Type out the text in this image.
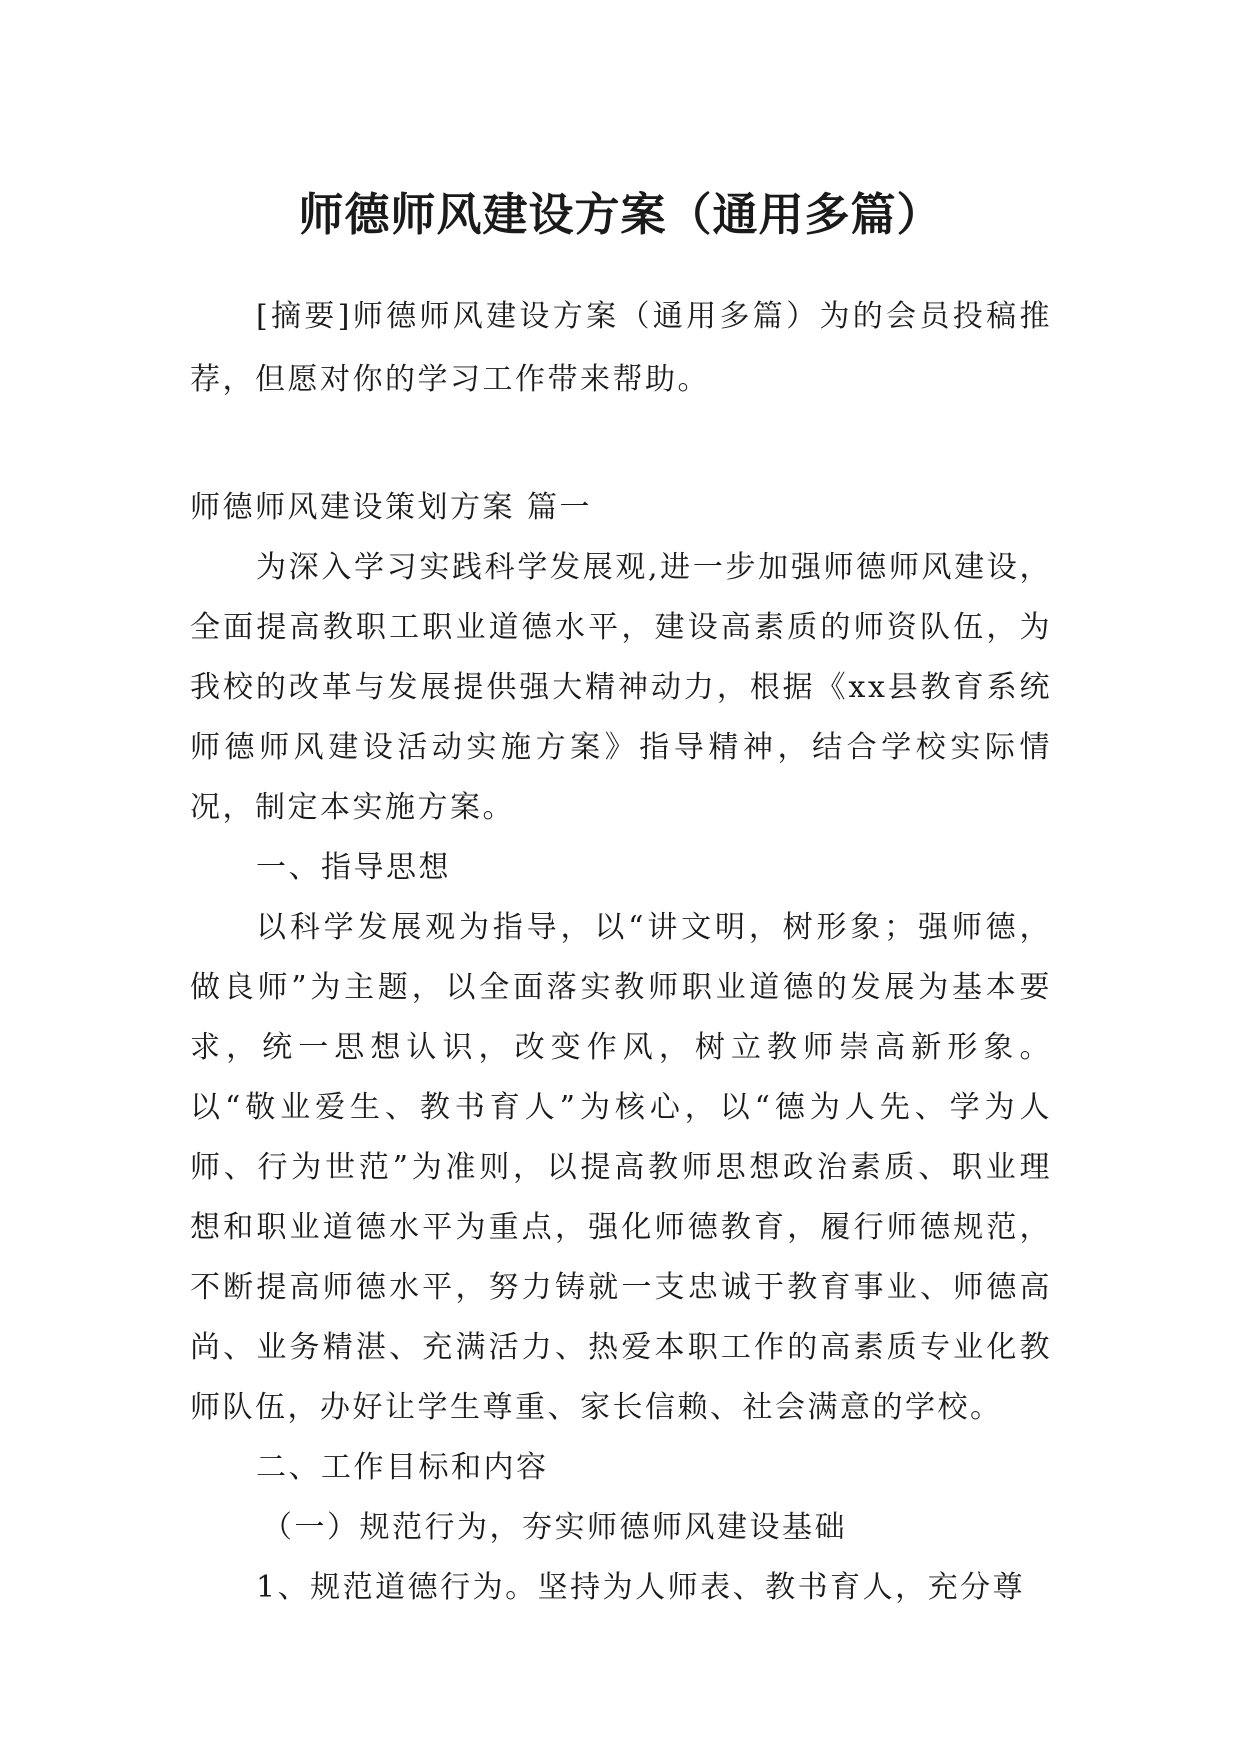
师德师风建设方案（通用多篇）
[摘要]师德师风建设方案（通用多篇）为的会员投稿推荐，但愿对你的学习工作带来帮助。

师德师风建设策划方案 篇一

为深入学习实践科学发展观,进一步加强师德师风建设，全面提高教职工职业道德水平，建设高素质的师资队伍，为我校的改革与发展提供强大精神动力，根据《xx县教育系统师德师风建设活动实施方案》指导精神，结合学校实际情况，制定本实施方案。

一、指导思想

以科学发展观为指导，以“讲文明，树形象；强师德，做良师”为主题，以全面落实教师职业道德的发展为基本要求，统一思想认识，改变作风，树立教师崇高新形象。以“敬业爱生、教书育人”为核心，以“德为人先、学为人师、行为世范”为准则，以提高教师思想政治素质、职业理想和职业道德水平为重点，强化师德教育，履行师德规范，不断提高师德水平，努力铸就一支忠诚于教育事业、师德高尚、业务精湛、充满活力、热爱本职工作的高素质专业化教师队伍，办好让学生尊重、家长信赖、社会满意的学校。

二、工作目标和内容

（一）规范行为，夯实师德师风建设基础

1、规范道德行为。坚持为人师表、教书育人，充分尊
